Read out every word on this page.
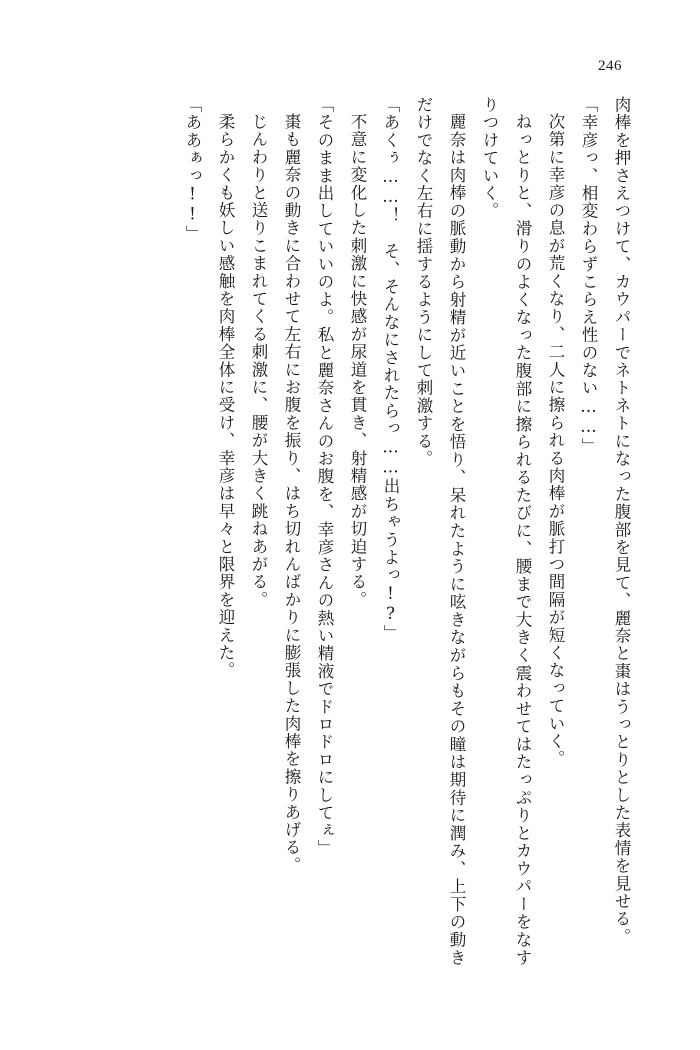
246

肉棒を押さえつけて、カウパーでネトネトになった腹部を見て、麗奈と棗はうっとりとした表情を見せる。

「幸彦っ、相変わらずこらえ性のない……」

次第に幸彦の息が荒くなり、二人に擦られる肉棒が脈打つ間隔が短くなっていく。

ねっとりと、滑りのよくなった腹部に擦られるたびに、腰まで大きく震わせてはたっぷりとカウパーをなすりつけていく。

麗奈は肉棒の脈動から射精が近いことを悟り、呆れたように呟きながらもその瞳は期待に潤み、上下の動きだけでなく左右に揺するようにして刺激する。

「あくぅ……！　そ、そんなにされたらっ……出ちゃうよっ!?」

不意に変化した刺激に快感が尿道を貫き、射精感が切迫する。

「そのまま出していいのよ。私と麗奈さんのお腹を、幸彦さんの熱い精液でドロドロにしてぇ」

棗も麗奈の動きに合わせて左右にお腹を振り、はち切れんばかりに膨張した肉棒を擦りあげる。

じんわりと送りこまれてくる刺激に、腰が大きく跳ねあがる。

柔らかくも妖しい感触を肉棒全体に受け、幸彦は早々と限界を迎えた。

「ああぁっ!!」
